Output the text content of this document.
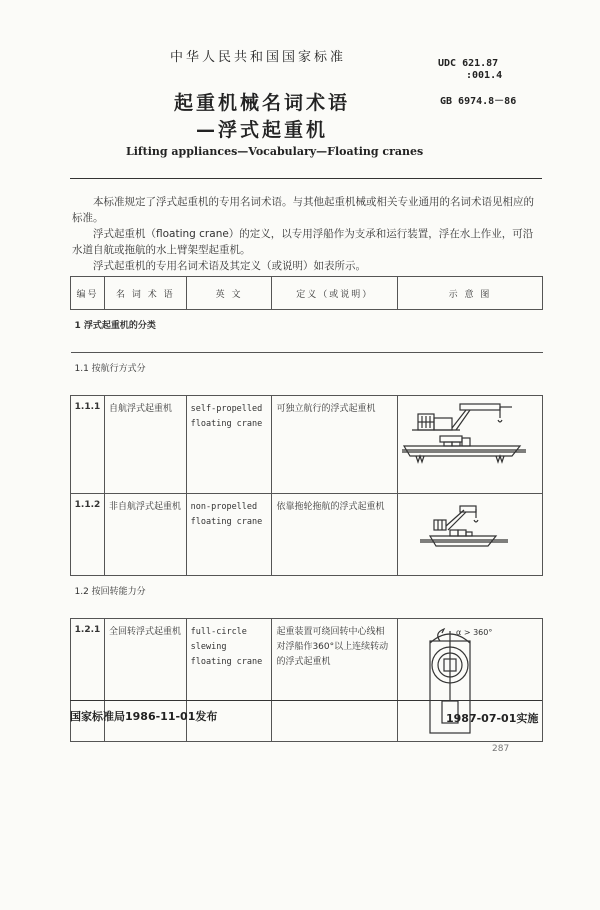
中华人民共和国国家标准	UDC 621.87
:001.4
GB 6974.8－86
起重机械名词术语
—浮式起重机
Lifting appliances—Vocabulary—Floating cranes

本标准规定了浮式起重机的专用名词术语。与其他起重机械或相关专业通用的名词术语见相应的标准。

浮式起重机（floating crane）的定义，以专用浮船作为支承和运行装置，浮在水上作业，可沿水道自航或拖航的水上臂架型起重机。

浮式起重机的专用名词术语及其定义（或说明）如表所示。

编号	名 词 术 语	英 文	定义（或说明）	示 意 图
1 浮式起重机的分类				
1.1 按航行方式分				
1.1.1	自航浮式起重机	self-propelled floating crane	可独立航行的浮式起重机	
1.1.2	非自航浮式起重机	non-propelled floating crane	依靠拖轮拖航的浮式起重机	
1.2 按回转能力分				
1.2.1	全回转浮式起重机	full-circle slewing floating crane	起重装置可绕回转中心线相对浮船作360°以上连续转动的浮式起重机	α > 360°
国家标准局1986-11-01发布	1987-07-01实施
287
